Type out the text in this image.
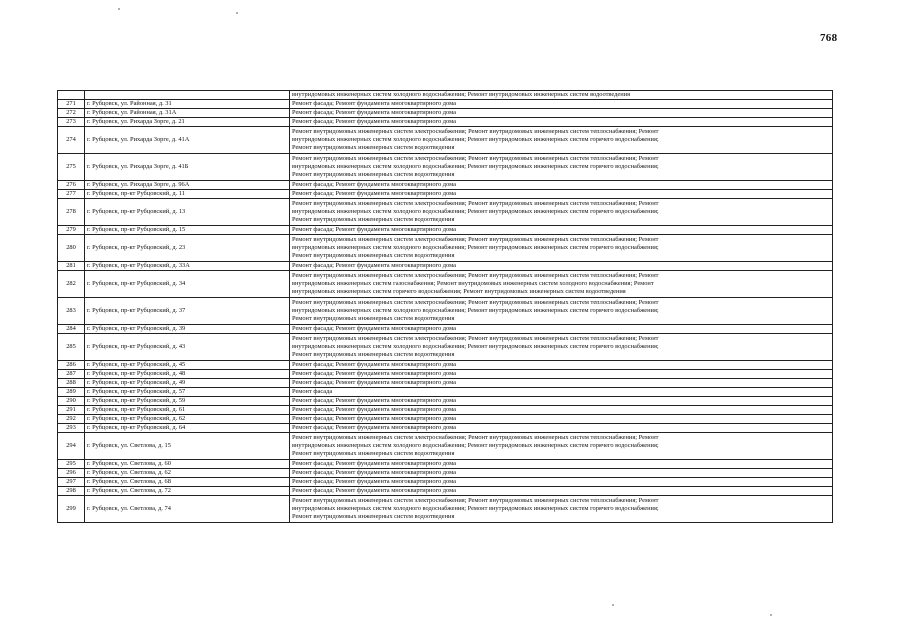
768

		внутридомовых инженерных систем холодного водоснабжения; Ремонт внутридомовых инженерных систем водоотведения

271	г. Рубцовск, ул. Районная, д. 31	Ремонт фасада; Ремонт фундамента многоквартирного дома

272	г. Рубцовск, ул. Районная, д. 31А	Ремонт фасада; Ремонт фундамента многоквартирного дома

273	г. Рубцовск, ул. Рихарда Зорге, д. 21	Ремонт фасада; Ремонт фундамента многоквартирного дома

274	г. Рубцовск, ул. Рихарда Зорге, д. 41А	Ремонт внутридомовых инженерных систем электроснабжения; Ремонт внутридомовых инженерных систем теплоснабжения; Ремонт
внутридомовых инженерных систем холодного водоснабжения; Ремонт внутридомовых инженерных систем горячего водоснабжения;
Ремонт внутридомовых инженерных систем водоотведения

275	г. Рубцовск, ул. Рихарда Зорге, д. 41Б	Ремонт внутридомовых инженерных систем электроснабжения; Ремонт внутридомовых инженерных систем теплоснабжения; Ремонт
внутридомовых инженерных систем холодного водоснабжения; Ремонт внутридомовых инженерных систем горячего водоснабжения;
Ремонт внутридомовых инженерных систем водоотведения

276	г. Рубцовск, ул. Рихарда Зорге, д. 96А	Ремонт фасада; Ремонт фундамента многоквартирного дома

277	г. Рубцовск, пр-кт Рубцовский, д. 11	Ремонт фасада; Ремонт фундамента многоквартирного дома

278	г. Рубцовск, пр-кт Рубцовский, д. 13	Ремонт внутридомовых инженерных систем электроснабжения; Ремонт внутридомовых инженерных систем теплоснабжения; Ремонт
внутридомовых инженерных систем холодного водоснабжения; Ремонт внутридомовых инженерных систем горячего водоснабжения;
Ремонт внутридомовых инженерных систем водоотведения

279	г. Рубцовск, пр-кт Рубцовский, д. 15	Ремонт фасада; Ремонт фундамента многоквартирного дома

280	г. Рубцовск, пр-кт Рубцовский, д. 23	Ремонт внутридомовых инженерных систем электроснабжения; Ремонт внутридомовых инженерных систем теплоснабжения; Ремонт
внутридомовых инженерных систем холодного водоснабжения; Ремонт внутридомовых инженерных систем горячего водоснабжения;
Ремонт внутридомовых инженерных систем водоотведения

281	г. Рубцовск, пр-кт Рубцовский, д. 33А	Ремонт фасада; Ремонт фундамента многоквартирного дома

282	г. Рубцовск, пр-кт Рубцовский, д. 34	Ремонт внутридомовых инженерных систем электроснабжения; Ремонт внутридомовых инженерных систем теплоснабжения; Ремонт
внутридомовых инженерных систем газоснабжения; Ремонт внутридомовых инженерных систем холодного водоснабжения; Ремонт
внутридомовых инженерных систем горячего водоснабжения; Ремонт внутридомовых инженерных систем водоотведения

283	г. Рубцовск, пр-кт Рубцовский, д. 37	Ремонт внутридомовых инженерных систем электроснабжения; Ремонт внутридомовых инженерных систем теплоснабжения; Ремонт
внутридомовых инженерных систем холодного водоснабжения; Ремонт внутридомовых инженерных систем горячего водоснабжения;
Ремонт внутридомовых инженерных систем водоотведения

284	г. Рубцовск, пр-кт Рубцовский, д. 39	Ремонт фасада; Ремонт фундамента многоквартирного дома

285	г. Рубцовск, пр-кт Рубцовский, д. 43	Ремонт внутридомовых инженерных систем электроснабжения; Ремонт внутридомовых инженерных систем теплоснабжения; Ремонт
внутридомовых инженерных систем холодного водоснабжения; Ремонт внутридомовых инженерных систем горячего водоснабжения;
Ремонт внутридомовых инженерных систем водоотведения

286	г. Рубцовск, пр-кт Рубцовский, д. 45	Ремонт фасада; Ремонт фундамента многоквартирного дома

287	г. Рубцовск, пр-кт Рубцовский, д. 48	Ремонт фасада; Ремонт фундамента многоквартирного дома

288	г. Рубцовск, пр-кт Рубцовский, д. 49	Ремонт фасада; Ремонт фундамента многоквартирного дома

289	г. Рубцовск, пр-кт Рубцовский, д. 57	Ремонт фасада

290	г. Рубцовск, пр-кт Рубцовский, д. 59	Ремонт фасада; Ремонт фундамента многоквартирного дома

291	г. Рубцовск, пр-кт Рубцовский, д. 61	Ремонт фасада; Ремонт фундамента многоквартирного дома

292	г. Рубцовск, пр-кт Рубцовский, д. 62	Ремонт фасада; Ремонт фундамента многоквартирного дома

293	г. Рубцовск, пр-кт Рубцовский, д. 64	Ремонт фасада; Ремонт фундамента многоквартирного дома

294	г. Рубцовск, ул. Светлова, д. 15	Ремонт внутридомовых инженерных систем электроснабжения; Ремонт внутридомовых инженерных систем теплоснабжения; Ремонт
внутридомовых инженерных систем холодного водоснабжения; Ремонт внутридомовых инженерных систем горячего водоснабжения;
Ремонт внутридомовых инженерных систем водоотведения

295	г. Рубцовск, ул. Светлова, д. 60	Ремонт фасада; Ремонт фундамента многоквартирного дома

296	г. Рубцовск, ул. Светлова, д. 62	Ремонт фасада; Ремонт фундамента многоквартирного дома

297	г. Рубцовск, ул. Светлова, д. 68	Ремонт фасада; Ремонт фундамента многоквартирного дома

298	г. Рубцовск, ул. Светлова, д. 72	Ремонт фасада; Ремонт фундамента многоквартирного дома

299	г. Рубцовск, ул. Светлова, д. 74	Ремонт внутридомовых инженерных систем электроснабжения; Ремонт внутридомовых инженерных систем теплоснабжения; Ремонт
внутридомовых инженерных систем холодного водоснабжения; Ремонт внутридомовых инженерных систем горячего водоснабжения;
Ремонт внутридомовых инженерных систем водоотведения
